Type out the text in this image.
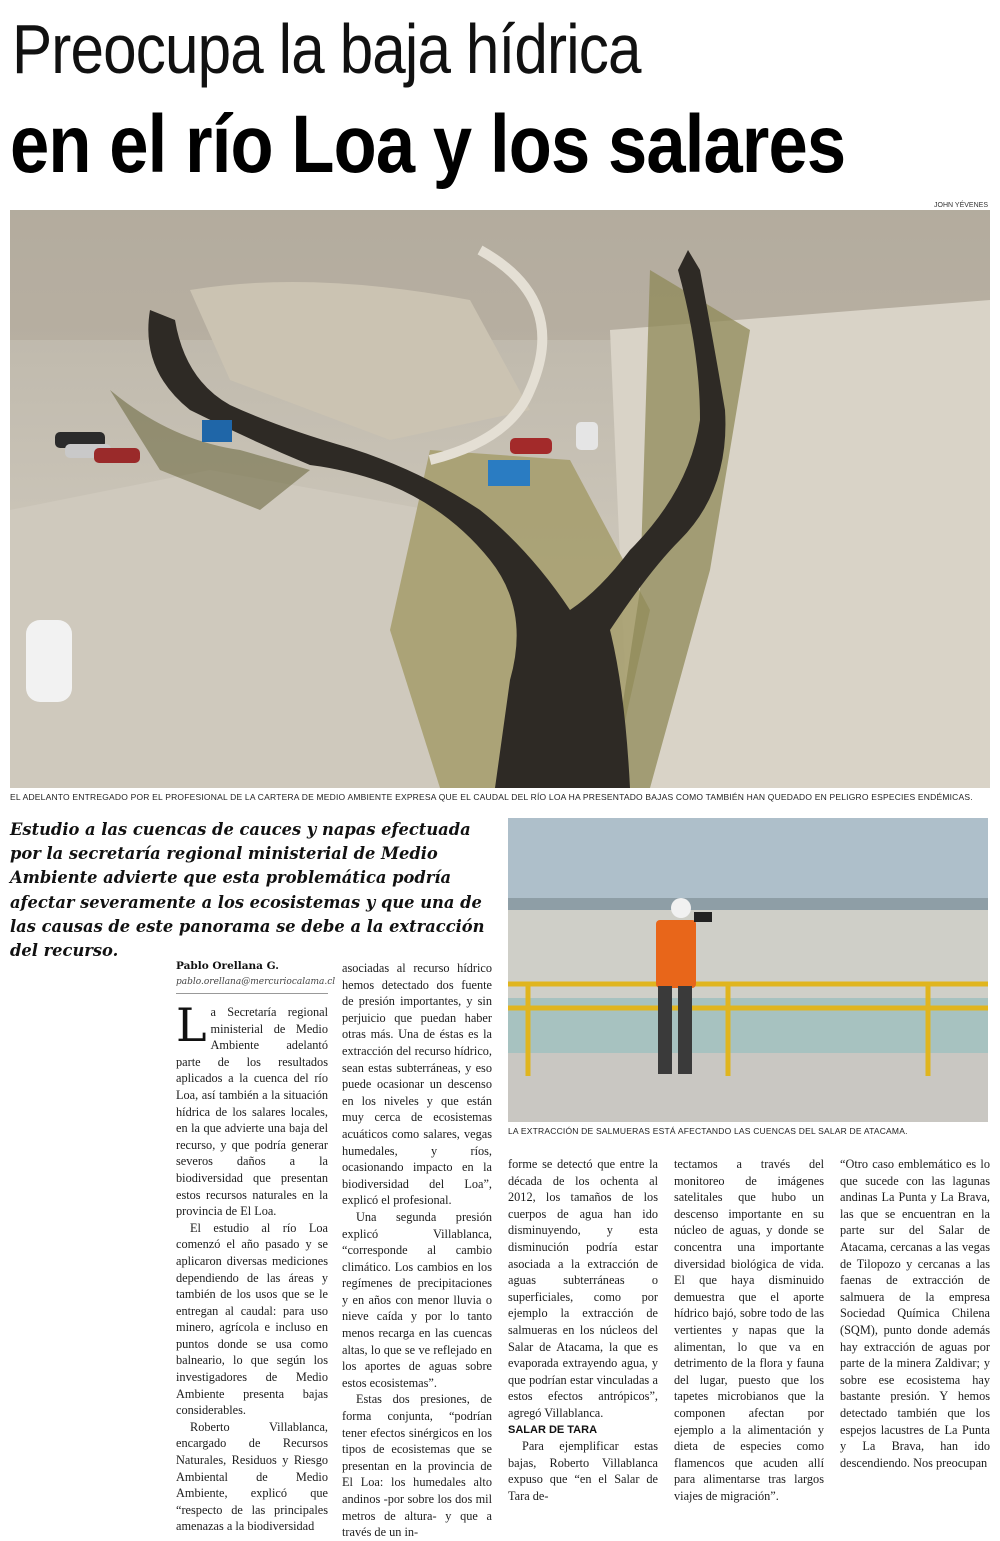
Preocupa la baja hídrica
en el río Loa y los salares
JOHN YÉVENES
EL ADELANTO ENTREGADO POR EL PROFESIONAL DE LA CARTERA DE MEDIO AMBIENTE EXPRESA QUE EL CAUDAL DEL RÍO LOA HA PRESENTADO BAJAS COMO TAMBIÉN HAN QUEDADO EN PELIGRO ESPECIES ENDÉMICAS.
Estudio a las cuencas de cauces y napas efectuada por la secretaría regional ministerial de Medio Ambiente advierte que esta problemática podría afectar severamente a los ecosistemas y que una de las causas de este panorama se debe a la extracción del recurso.
LA EXTRACCIÓN DE SALMUERAS ESTÁ AFECTANDO LAS CUENCAS DEL SALAR DE ATACAMA.
Pablo Orellana G.
pablo.orellana@mercuriocalama.cl

La Secretaría regional ministerial de Medio Ambiente adelantó parte de los resultados aplicados a la cuenca del río Loa, así también a la situación hídrica de los salares locales, en la que advierte una baja del recurso, y que podría generar severos daños a la biodiversidad que presentan estos recursos naturales en la provincia de El Loa.

El estudio al río Loa comenzó el año pasado y se aplicaron diversas mediciones dependiendo de las áreas y también de los usos que se le entregan al caudal: para uso minero, agrícola e incluso en puntos donde se usa como balneario, lo que según los investigadores de Medio Ambiente presenta bajas considerables.

Roberto Villablanca, encargado de Recursos Naturales, Residuos y Riesgo Ambiental de Medio Ambiente, explicó que “respecto de las principales amenazas a la biodiversidad

asociadas al recurso hídrico hemos detectado dos fuente de presión importantes, y sin perjuicio que puedan haber otras más. Una de éstas es la extracción del recurso hídrico, sean estas subterráneas, y eso puede ocasionar un descenso en los niveles y que están muy cerca de ecosistemas acuáticos como salares, vegas humedales, y ríos, ocasionando impacto en la biodiversidad del Loa”, explicó el profesional.

Una segunda presión explicó Villablanca, “corresponde al cambio climático. Los cambios en los regímenes de precipitaciones y en años con menor lluvia o nieve caída y por lo tanto menos recarga en las cuencas altas, lo que se ve reflejado en los aportes de aguas sobre estos ecosistemas”.

Estas dos presiones, de forma conjunta, “podrían tener efectos sinérgicos en los tipos de ecosistemas que se presentan en la provincia de El Loa: los humedales alto andinos -por sobre los dos mil metros de altura- y que a través de un in-

forme se detectó que entre la década de los ochenta al 2012, los tamaños de los cuerpos de agua han ido disminuyendo, y esta disminución podría estar asociada a la extracción de aguas subterráneas o superficiales, como por ejemplo la extracción de salmueras en los núcleos del Salar de Atacama, la que es evaporada extrayendo agua, y que podrían estar vinculadas a estos efectos antrópicos”, agregó Villablanca.

SALAR DE TARA

Para ejemplificar estas bajas, Roberto Villablanca expuso que “en el Salar de Tara de-

tectamos a través del monitoreo de imágenes satelitales que hubo un descenso importante en su núcleo de aguas, y donde se concentra una importante diversidad biológica de vida. El que haya disminuido demuestra que el aporte hídrico bajó, sobre todo de las vertientes y napas que la alimentan, lo que va en detrimento de la flora y fauna del lugar, puesto que los tapetes microbianos que la componen afectan por ejemplo a la alimentación y dieta de especies como flamencos que acuden allí para alimentarse tras largos viajes de migración”.

“Otro caso emblemático es lo que sucede con las lagunas andinas La Punta y La Brava, las que se encuentran en la parte sur del Salar de Atacama, cercanas a las vegas de Tilopozo y cercanas a las faenas de extracción de salmuera de la empresa Sociedad Química Chilena (SQM), punto donde además hay extracción de aguas por parte de la minera Zaldivar; y sobre ese ecosistema hay bastante presión. Y hemos detectado también que los espejos lacustres de La Punta y La Brava, han ido descendiendo. Nos preocupan
